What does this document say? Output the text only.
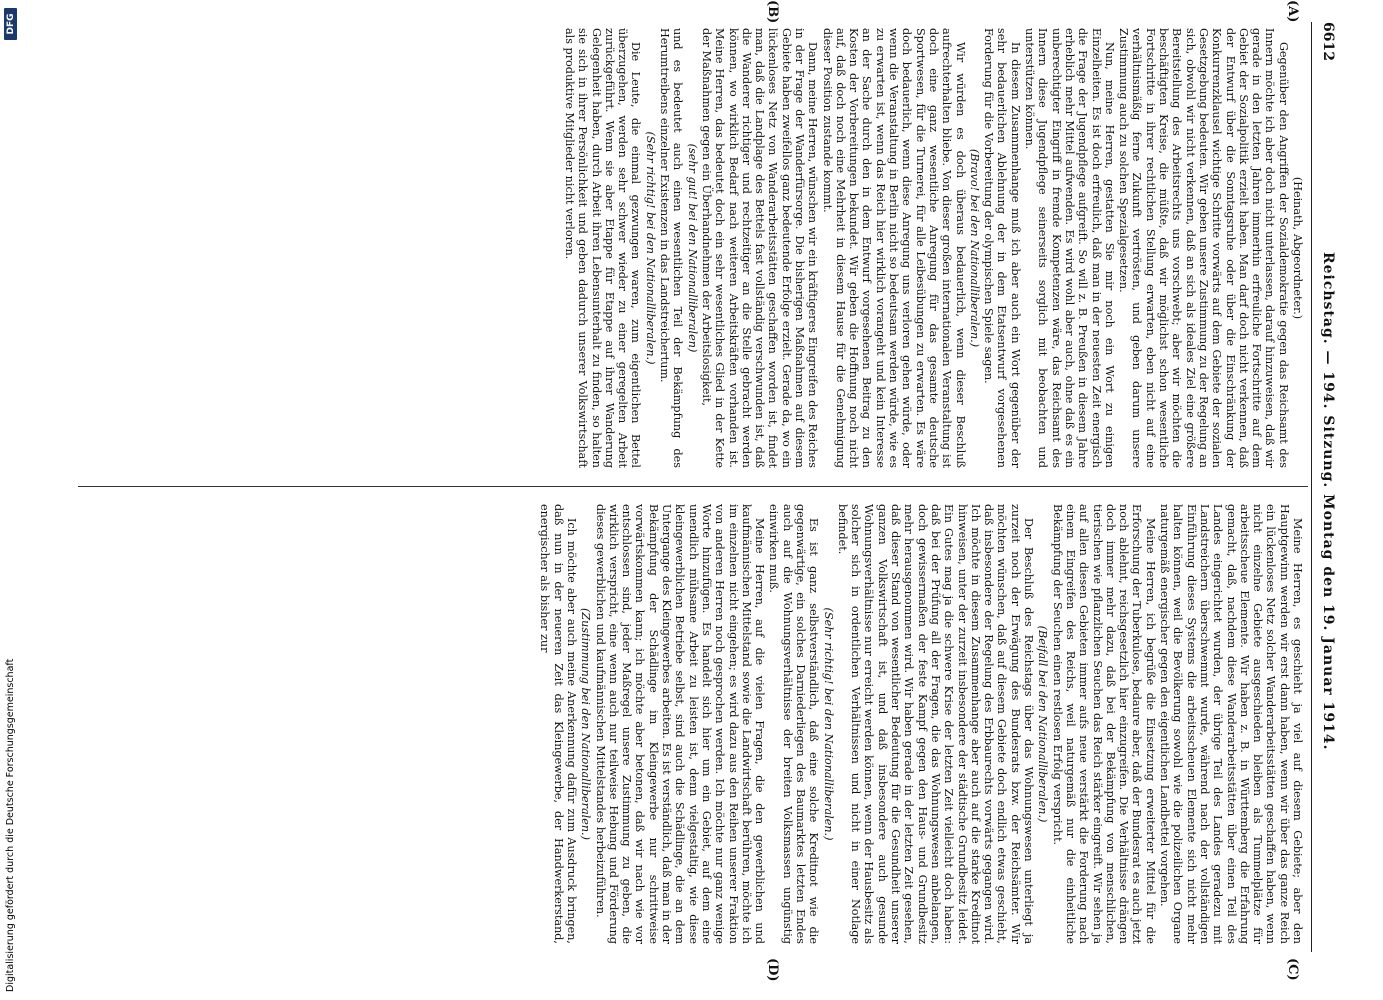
6612
Reichstag. — 194. Sitzung. Montag den 19. Januar 1914.
(A)
(B)
(C)
(D)

(Heinath, Abgeordneter.)

Gegenüber den Angriffen der Sozialdemokratie gegen das Reichsamt des Innern möchte ich aber doch nicht unterlassen, darauf hinzuweisen, daß wir gerade in den letzten Jahren immerhin erfreuliche Fortschritte auf dem Gebiet der Sozialpolitik erzielt haben. Man darf doch nicht verkennen, daß der Entwurf über die Sonntagsruhe oder über die Einschränkung der Konkurrenzklausel wichtige Schritte vorwärts auf dem Gebiete der sozialen Gesetzgebung bedeuten. Wir geben unsere Zustimmung zu der Regelung an sich, obwohl wir nicht verkennen, daß an sich als ideales Ziel eine größere Bereitstellung des Arbeitsrechts uns vorschwebt; aber wir möchten die beschäftigten Kreise, die müßte, daß wir möglichst schon wesentliche Fortschritte in ihrer rechtlichen Stellung erwarten, eben nicht auf eine verhältnismäßig ferne Zukunft vertrösten, und geben darum unsere Zustimmung auch zu solchen Spezialgesetzen.

Nun, meine Herren, gestatten Sie mir noch ein Wort zu einigen Einzelheiten. Es ist doch erfreulich, daß man in der neuesten Zeit energisch die Frage der Jugendpflege aufgreift. So will z. B. Preußen in diesem Jahre erheblich mehr Mittel aufwenden. Es wird wohl aber auch, ohne daß es ein unberechtigter Eingriff in fremde Kompetenzen wäre, das Reichsamt des Innern diese Jugendpflege seinerseits sorglich mit beobachten und unterstützen können.

In diesem Zusammenhange muß ich aber auch ein Wort gegenüber der sehr bedauerlichen Ablehnung der in dem Etatsentwurf vorgesehenen Forderung für die Vorbereitung der olympischen Spiele sagen.

(Bravo! bei den Nationalliberalen.)

Wir würden es doch überaus bedauerlich, wenn dieser Beschluß aufrechterhalten bliebe. Von dieser großen internationalen Veranstaltung ist doch eine ganz wesentliche Anregung für das gesamte deutsche Sportwesen, für die Turnerei, für alle Leibesübungen zu erwarten. Es wäre doch bedauerlich, wenn diese Anregung uns verloren gehen würde, oder wenn die Veranstaltung in Berlin nicht so bedeutsam werden würde, wie es zu erwarten ist, wenn das Reich hier wirklich vorangeht und kein Interesse an der Sache durch den in dem Entwurf vorgesehenen Beitrag zu den Kosten der Vorbereitungen bekundet. Wir geben die Hoffnung noch nicht auf, daß doch noch eine Mehrheit in diesem Hause für die Genehmigung dieser Position zustande kommt.

Dann, meine Herren, wünschen wir ein kräftigeres Eingreifen des Reiches in der Frage der Wanderfürsorge. Die bisherigen Maßnahmen auf diesem Gebiete haben zweifellos ganz bedeutende Erfolge erzielt. Gerade da, wo ein lückenloses Netz von Wanderarbeitsstätten geschaffen worden ist, findet man, daß die Landplage des Bettels fast vollständig verschwunden ist, daß die Wanderer richtiger und rechtzeitiger an die Stelle gebracht werden können, wo wirklich Bedarf nach weiteren Arbeitskräften vorhanden ist. Meine Herren, das bedeutet doch ein sehr wesentliches Glied in der Kette der Maßnahmen gegen ein Überhandnehmen der Arbeitslosigkeit,

(sehr gut! bei den Nationalliberalen)

und es bedeutet auch einen wesentlichen Teil der Bekämpfung des Herumtreibens einzelner Existenzen in das Landstreichertum.

(Sehr richtig! bei den Nationalliberalen.)

Die Leute, die einmal gezwungen waren, zum eigentlichen Bettel überzugehen, werden sehr schwer wieder zu einer geregelten Arbeit zurückgeführt. Wenn sie aber Etappe für Etappe auf ihrer Wanderung Gelegenheit haben, durch Arbeit ihren Lebensunterhalt zu finden, so halten sie sich in ihrer Persönlichkeit und geben dadurch unserer Volkswirtschaft als produktive Mitglieder nicht verloren.

Meine Herren, es geschieht ja viel auf diesem Gebiete; aber den Hauptgewinn werden wir erst dann haben, wenn wir über das ganze Reich ein lückenloses Netz solcher Wanderarbeitsstätten geschaffen haben, wenn nicht einzelne Gebiete ausgeschieden bleiben als Tummelplätze für arbeitsscheue Elemente. Wir haben z. B. in Württemberg die Erfahrung gemacht, daß, nachdem diese Wanderarbeitsstätten über einen Teil des Landes eingerichtet wurden, der übrige Teil des Landes geradezu mit Landstreichern überschwemmt wurde, während nach der vollständigen Einführung dieses Systems die arbeitsscheuen Elemente sich nicht mehr halten können, weil die Bevölkerung sowohl wie die polizeilichen Organe naturgemäß energischer gegen den eigentlichen Landbettel vorgehen.

Meine Herren, ich begrüße die Einsetzung erweiterter Mittel für die Erforschung der Tuberkulose, bedaure aber, daß der Bundesrat es auch jetzt noch ablehnt, reichsgesetzlich hier einzugreifen. Die Verhältnisse drängen doch immer mehr dazu, daß bei der Bekämpfung von menschlichen, tierischen wie pflanzlichen Seuchen das Reich stärker eingreift. Wir sehen ja auf allen diesen Gebieten immer aufs neue verstärkt die Forderung nach einem Eingreifen des Reichs, weil naturgemäß nur die einheitliche Bekämpfung der Seuchen einen restlosen Erfolg verspricht.

(Beifall bei den Nationalliberalen.)

Der Beschluß des Reichstags über das Wohnungswesen unterliegt ja zurzeit noch der Erwägung des Bundesrats bzw. der Reichsämter. Wir möchten wünschen, daß auf diesem Gebiete doch endlich etwas geschieht, daß insbesondere der Regelung des Erbbaurechts vorwärts gegangen wird. Ich möchte in diesem Zusammenhange aber auch auf die starke Kreditnot hinweisen, unter der zurzeit insbesondere der städtische Grundbesitz leidet. Ein Gutes mag ja die schwere Krise der letzten Zeit vielleicht doch haben: daß bei der Prüfung all der Fragen, die das Wohnungswesen anbelangen, doch gewissermaßen der feste Kampf gegen den Haus- und Grundbesitz mehr herausgenommen wird. Wir haben gerade in der letzten Zeit gesehen, daß dieser Stand von wesentlicher Bedeutung für die Gesundheit unserer ganzen Volkswirtschaft ist, und daß insbesondere auch gesunde Wohnungsverhältnisse nur erreicht werden können, wenn der Hausbesitz als solcher sich in ordentlichen Verhältnissen und nicht in einer Notlage befindet.

(Sehr richtig! bei den Nationalliberalen.)

Es ist ganz selbstverständlich, daß eine solche Kreditnot wie die gegenwärtige, ein solches Darniederliegen des Baumarktes letzten Endes auch auf die Wohnungsverhältnisse der breiten Volksmassen ungünstig einwirken muß.

Meine Herren, auf die vielen Fragen, die den gewerblichen und kaufmännischen Mittelstand sowie die Landwirtschaft berühren, möchte ich im einzelnen nicht eingehen; es wird dazu aus den Reihen unserer Fraktion von anderen Herren noch gesprochen werden. Ich möchte nur ganz wenige Worte hinzufügen. Es handelt sich hier um ein Gebiet, auf dem eine unendlich mühsame Arbeit zu leisten ist, denn vielgestaltig, wie diese kleingewerblichen Betriebe selbst, sind auch die Schädlinge, die an dem Untergange des Kleingewerbes arbeiten. Es ist verständlich, daß man in der Bekämpfung der Schädlinge im Kleingewerbe nur schrittweise vorwärtskommen kann; ich möchte aber betonen, daß wir nach wie vor entschlossen sind, jeder Maßregel unsere Zustimmung zu geben, die wirklich verspricht, eine wenn auch nur teilweise Hebung und Förderung dieses gewerblichen und kaufmännischen Mittelstandes herbeizuführen.

(Zustimmung bei den Nationalliberalen.)

Ich möchte aber auch meine Anerkennung dafür zum Ausdruck bringen, daß nun in der neueren Zeit das Kleingewerbe, der Handwerkerstand, energischer als bisher zur

Digitalisierung gefördert durch die Deutsche Forschungsgemeinschaft
DFG
